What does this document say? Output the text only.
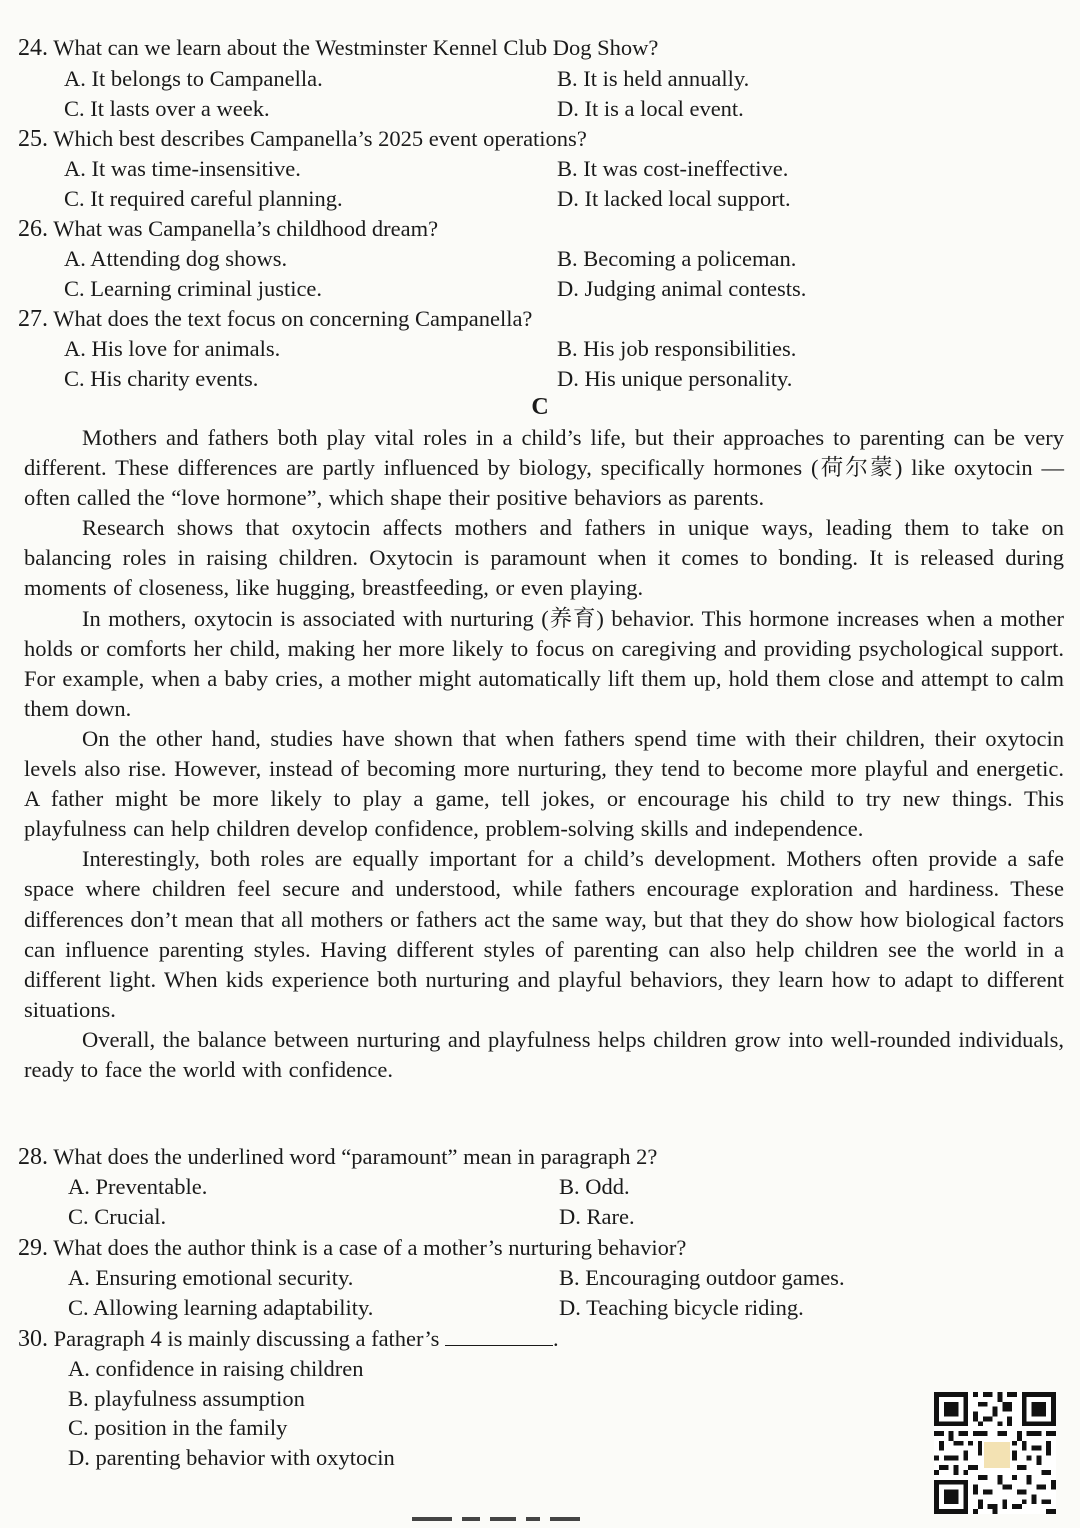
24. What can we learn about the Westminster Kennel Club Dog Show?
A. It belongs to Campanella.	B. It is held annually.
C. It lasts over a week.	D. It is a local event.
25. Which best describes Campanella’s 2025 event operations?
A. It was time-insensitive.	B. It was cost-ineffective.
C. It required careful planning.	D. It lacked local support.
26. What was Campanella’s childhood dream?
A. Attending dog shows.	B. Becoming a policeman.
C. Learning criminal justice.	D. Judging animal contests.
27. What does the text focus on concerning Campanella?
A. His love for animals.	B. His job responsibilities.
C. His charity events.	D. His unique personality.
C

Mothers and fathers both play vital roles in a child’s life, but their approaches to parenting can be very different. These differences are partly influenced by biology, specifically hormones (荷尔蒙) like oxytocin — often called the “love hormone”, which shape their positive behaviors as parents.

Research shows that oxytocin affects mothers and fathers in unique ways, leading them to take on balancing roles in raising children. Oxytocin is paramount when it comes to bonding. It is released during moments of closeness, like hugging, breastfeeding, or even playing.

In mothers, oxytocin is associated with nurturing (养育) behavior. This hormone increases when a mother holds or comforts her child, making her more likely to focus on caregiving and providing psychological support. For example, when a baby cries, a mother might automatically lift them up, hold them close and attempt to calm them down.

On the other hand, studies have shown that when fathers spend time with their children, their oxytocin levels also rise. However, instead of becoming more nurturing, they tend to become more playful and energetic. A father might be more likely to play a game, tell jokes, or encourage his child to try new things. This playfulness can help children develop confidence, problem-solving skills and independence.

Interestingly, both roles are equally important for a child’s development. Mothers often provide a safe space where children feel secure and understood, while fathers encourage exploration and hardiness. These differences don’t mean that all mothers or fathers act the same way, but that they do show how biological factors can influence parenting styles. Having different styles of parenting can also help children see the world in a different light. When kids experience both nurturing and playful behaviors, they learn how to adapt to different situations.

Overall, the balance between nurturing and playfulness helps children grow into well-rounded individuals, ready to face the world with confidence.

28. What does the underlined word “paramount” mean in paragraph 2?
A. Preventable.	B. Odd.
C. Crucial.	D. Rare.
29. What does the author think is a case of a mother’s nurturing behavior?
A. Ensuring emotional security.	B. Encouraging outdoor games.
C. Allowing learning adaptability.	D. Teaching bicycle riding.
30. Paragraph 4 is mainly discussing a father’s	.
A. confidence in raising children
B. playfulness assumption
C. position in the family
D. parenting behavior with oxytocin
